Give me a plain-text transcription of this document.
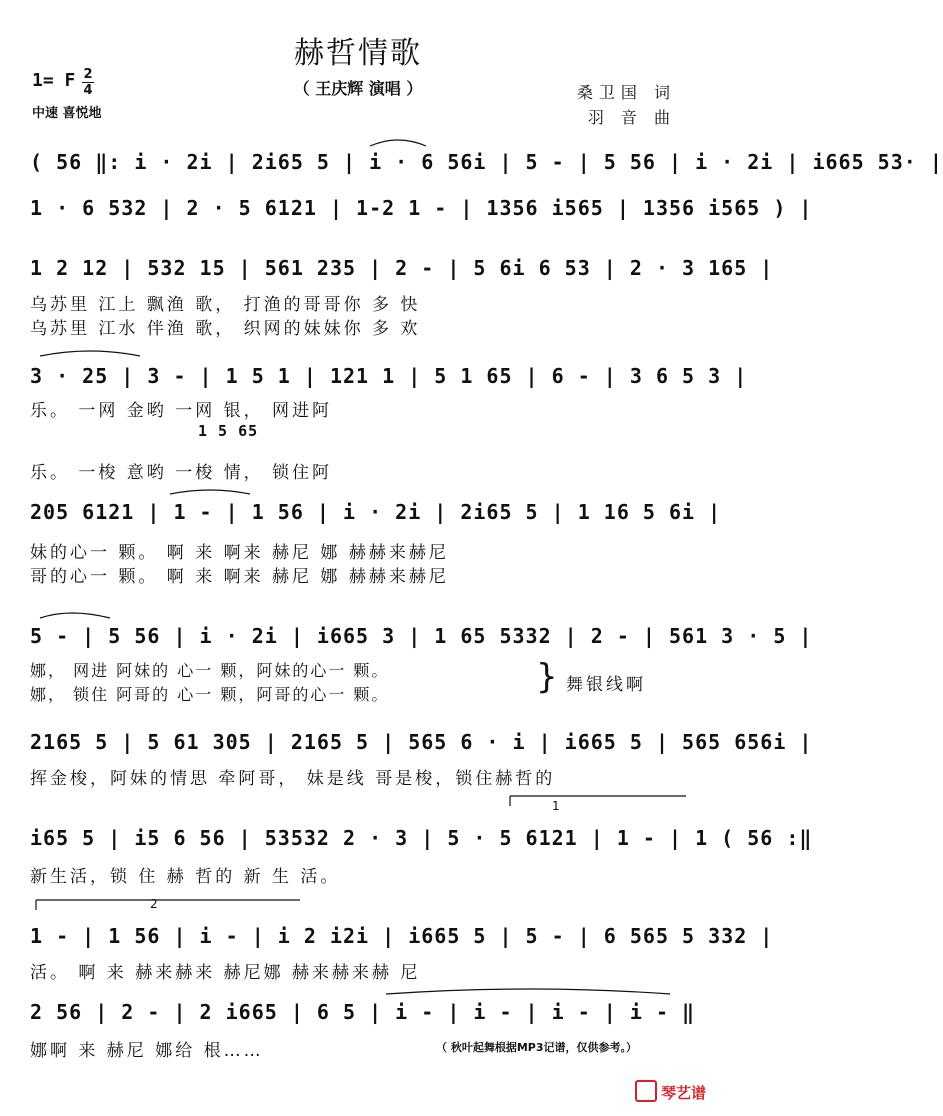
赫哲情歌
（ 王庆辉 演唱 ）
1= F 2
4
中速 喜悦地
桑卫国 词
羽 音 曲
( 56 ‖: i · 2i | 2i65 5 | i · 6 56i | 5 - | 5 56 | i · 2i | i665 53· |
1 · 6 532 | 2 · 5 6121 | 1-2 1 - | 1356 i565 | 1356 i565 ) |
1 2 12 | 532 15 | 561 235 | 2 - | 5 6i 6 53 | 2 · 3 165 |
乌苏里 江上 飘渔 歌， 打渔的哥哥你 多 快
乌苏里 江水 伴渔 歌， 织网的妹妹你 多 欢
3 · 25 | 3 - | 1 5 1 | 121 1 | 5 1 65 | 6 - | 3 6 5 3 |
乐。 一网 金哟 一网 银， 网进阿
1 5 65
乐。 一梭 意哟 一梭 情， 锁住阿
205 6121 | 1 - | 1 56 | i · 2i | 2i65 5 | 1 16 5 6i |
妹的心一 颗。 啊 来 啊来 赫尼 娜 赫赫来赫尼
哥的心一 颗。 啊 来 啊来 赫尼 娜 赫赫来赫尼
5 - | 5 56 | i · 2i | i665 3 | 1 65 5332 | 2 - | 561 3 · 5 |
娜， 网进 阿妹的 心一 颗，阿妹的心一 颗。
娜， 锁住 阿哥的 心一 颗，阿哥的心一 颗。	} 舞银线啊
2165 5 | 5 61 305 | 2165 5 | 565 6 · i | i665 5 | 565 656i |
挥金梭，阿妹的情思 牵阿哥， 妹是线 哥是梭，锁住赫哲的
i65 5 | i5 6 56 | 53532 2 · 3 | 5 · 5 6121 | 1 - | 1 ( 56 :‖
新生活，锁 住 赫 哲的 新 生 活。
1
1 - | 1 56 | i - | i 2 i2i | i665 5 | 5 - | 6 565 5 332 |
活。 啊 来 赫来赫来 赫尼娜 赫来赫来赫 尼
2
2 56 | 2 - | 2 i665 | 6 5 | i - | i - | i - | i - ‖
娜啊 来 赫尼 娜给 根……	（ 秋叶起舞根据MP3记谱，仅供参考。）
琴艺谱
